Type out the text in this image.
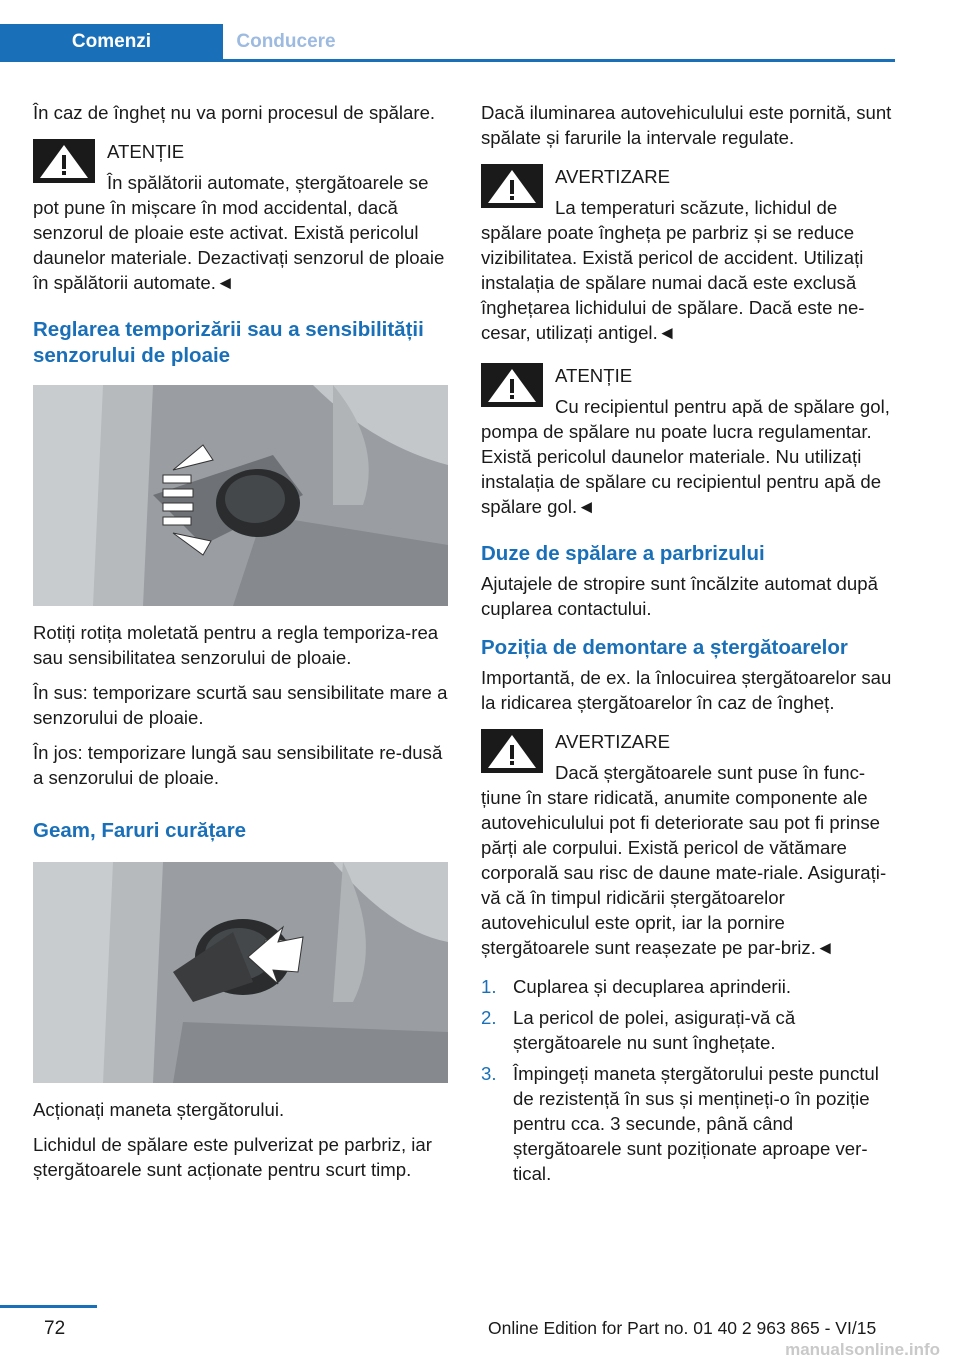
Comenzi	Conducere

În caz de îngheț nu va porni procesul de spălare.

ATENȚIE

În spălătorii automate, ștergătoarele se pot pune în mișcare în mod accidental, dacă senzorul de ploaie este activat. Există pericolul daunelor materiale. Dezactivați senzorul de ploaie în spălătorii automate.◄

Reglarea temporizării sau a sensibilității senzorului de ploaie

Rotiți rotița moletată pentru a regla temporiza-rea sau sensibilitatea senzorului de ploaie.

În sus: temporizare scurtă sau sensibilitate mare a senzorului de ploaie.

În jos: temporizare lungă sau sensibilitate re-dusă a senzorului de ploaie.

Geam, Faruri curățare

Acționați maneta ștergătorului.

Lichidul de spălare este pulverizat pe parbriz, iar ștergătoarele sunt acționate pentru scurt timp.

Dacă iluminarea autovehiculului este pornită, sunt spălate și farurile la intervale regulate.

AVERTIZARE

La temperaturi scăzute, lichidul de spălare poate îngheța pe parbriz și se reduce vizibilitatea. Există pericol de accident. Utilizați instalația de spălare numai dacă este exclusă înghețarea lichidului de spălare. Dacă este ne-cesar, utilizați antigel.◄

ATENȚIE

Cu recipientul pentru apă de spălare gol, pompa de spălare nu poate lucra regulamentar. Există pericolul daunelor materiale. Nu utilizați instalația de spălare cu recipientul pentru apă de spălare gol.◄

Duze de spălare a parbrizului

Ajutajele de stropire sunt încălzite automat după cuplarea contactului.

Poziția de demontare a ștergătoarelor

Importantă, de ex. la înlocuirea ștergătoarelor sau la ridicarea ștergătoarelor în caz de îngheț.

AVERTIZARE

Dacă ștergătoarele sunt puse în func-țiune în stare ridicată, anumite componente ale autovehiculului pot fi deteriorate sau pot fi prinse părți ale corpului. Există pericol de vătămare corporală sau risc de daune mate-riale. Asigurați-vă că în timpul ridicării ștergătoarelor autovehiculul este oprit, iar la pornire ștergătoarele sunt reașezate pe par-briz.◄

1. Cuplarea și decuplarea aprinderii.
2. La pericol de polei, asigurați-vă că ștergătoarele nu sunt înghețate.
3. Împingeți maneta ștergătorului peste punctul de rezistență în sus și mențineți-o în poziție pentru cca. 3 secunde, până când ștergătoarele sunt poziționate aproape ver-tical.
72	Online Edition for Part no. 01 40 2 963 865 - VI/15
manualsonline.info
